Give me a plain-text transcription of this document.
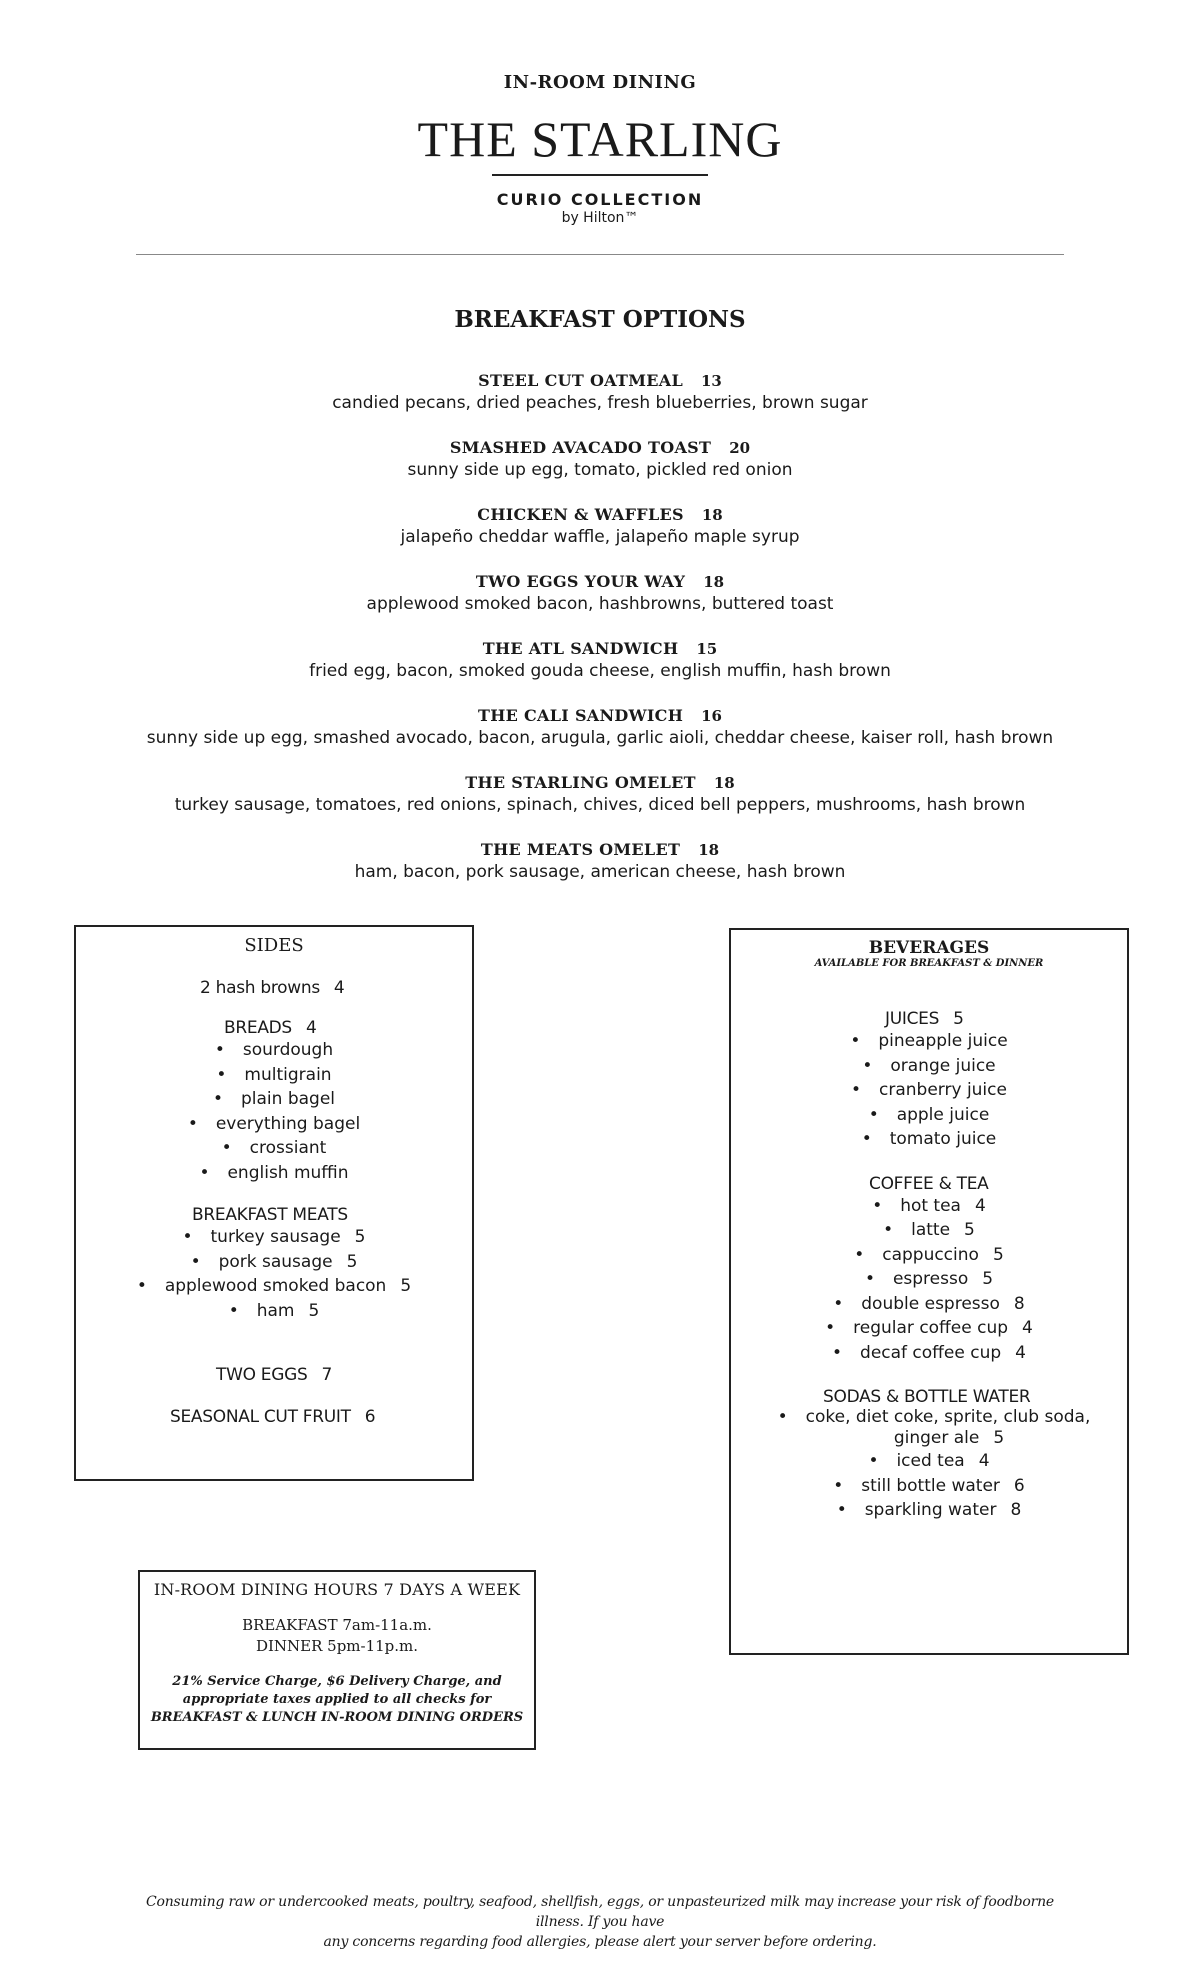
IN-ROOM DINING
THE STARLING
CURIO COLLECTION
by Hilton™
BREAKFAST OPTIONS
STEEL CUT OATMEAL 13
candied pecans, dried peaches, fresh blueberries, brown sugar
SMASHED AVACADO TOAST 20
sunny side up egg, tomato, pickled red onion
CHICKEN & WAFFLES 18
jalapeño cheddar waffle, jalapeño maple syrup
TWO EGGS YOUR WAY 18
applewood smoked bacon, hashbrowns, buttered toast
THE ATL SANDWICH 15
fried egg, bacon, smoked gouda cheese, english muffin, hash brown
THE CALI SANDWICH 16
sunny side up egg, smashed avocado, bacon, arugula, garlic aioli, cheddar cheese, kaiser roll, hash brown
THE STARLING OMELET 18
turkey sausage, tomatoes, red onions, spinach, chives, diced bell peppers, mushrooms, hash brown
THE MEATS OMELET 18
ham, bacon, pork sausage, american cheese, hash brown
SIDES
2 hash browns 4
BREADS 4
• sourdough
• multigrain
• plain bagel
• everything bagel
• crossiant
• english muffin
BREAKFAST MEATS
• turkey sausage 5
• pork sausage 5
• applewood smoked bacon 5
• ham 5
TWO EGGS 7
SEASONAL CUT FRUIT 6
BEVERAGES
AVAILABLE FOR BREAKFAST & DINNER
JUICES 5
• pineapple juice
• orange juice
• cranberry juice
• apple juice
• tomato juice
COFFEE & TEA
• hot tea 4
• latte 5
• cappuccino 5
• espresso 5
• double espresso 8
• regular coffee cup 4
• decaf coffee cup 4
SODAS & BOTTLE WATER
• coke, diet coke, sprite, club soda, ginger ale 5
• iced tea 4
• still bottle water 6
• sparkling water 8
IN-ROOM DINING HOURS 7 DAYS A WEEK
BREAKFAST 7am-11a.m.
DINNER 5pm-11p.m.
21% Service Charge, $6 Delivery Charge, and
appropriate taxes applied to all checks for
BREAKFAST & LUNCH IN-ROOM DINING ORDERS
Consuming raw or undercooked meats, poultry, seafood, shellfish, eggs, or unpasteurized milk may increase your risk of foodborne illness. If you have
any concerns regarding food allergies, please alert your server before ordering.
